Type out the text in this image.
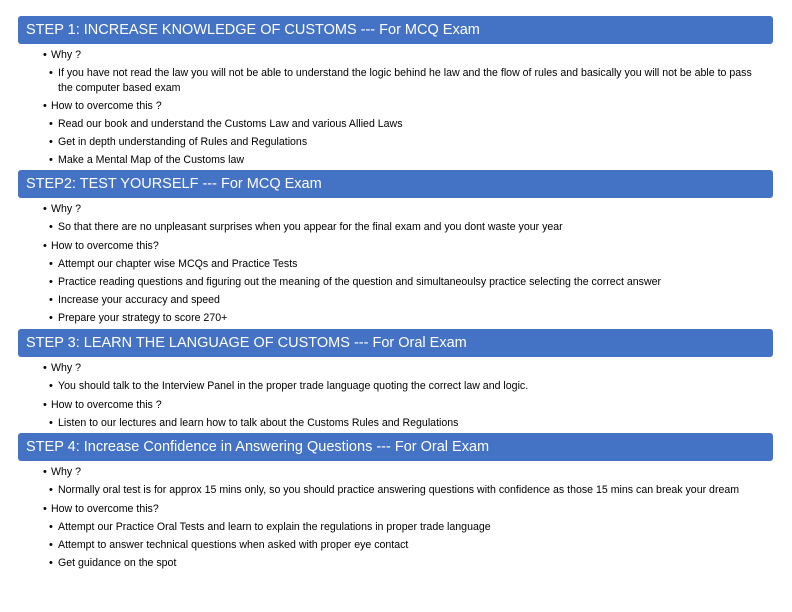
STEP 1: INCREASE KNOWLEDGE OF CUSTOMS --- For MCQ Exam
• Why ?
• If you have not read the law you will not be able to understand the logic behind he law and the flow of rules and basically you will not be able to pass the computer based exam
• How to overcome this ?
• Read our book and understand the Customs Law and various Allied Laws
• Get in depth understanding of Rules and Regulations
• Make a Mental Map of the Customs law
STEP2: TEST YOURSELF --- For MCQ Exam
• Why ?
• So that there are no unpleasant surprises when you appear for the final exam and you dont waste your year
• How to overcome this?
• Attempt our chapter wise MCQs and Practice Tests
• Practice reading questions and figuring out the meaning of the question and simultaneoulsy practice selecting the correct answer
• Increase your accuracy and speed
• Prepare your strategy to score 270+
STEP 3: LEARN THE LANGUAGE OF CUSTOMS --- For Oral Exam
• Why ?
• You should talk to the Interview Panel in the proper trade language quoting the correct law and logic.
• How to overcome this ?
• Listen to our lectures and learn how to talk about the Customs Rules and Regulations
STEP 4: Increase Confidence in Answering Questions --- For Oral Exam
• Why ?
• Normally oral test is for approx 15 mins only, so you should practice answering questions with confidence as those 15 mins can break your dream
• How to overcome this?
• Attempt our Practice Oral Tests and learn to explain the regulations in proper trade language
• Attempt to answer technical questions when asked with proper eye contact
• Get guidance on the spot
